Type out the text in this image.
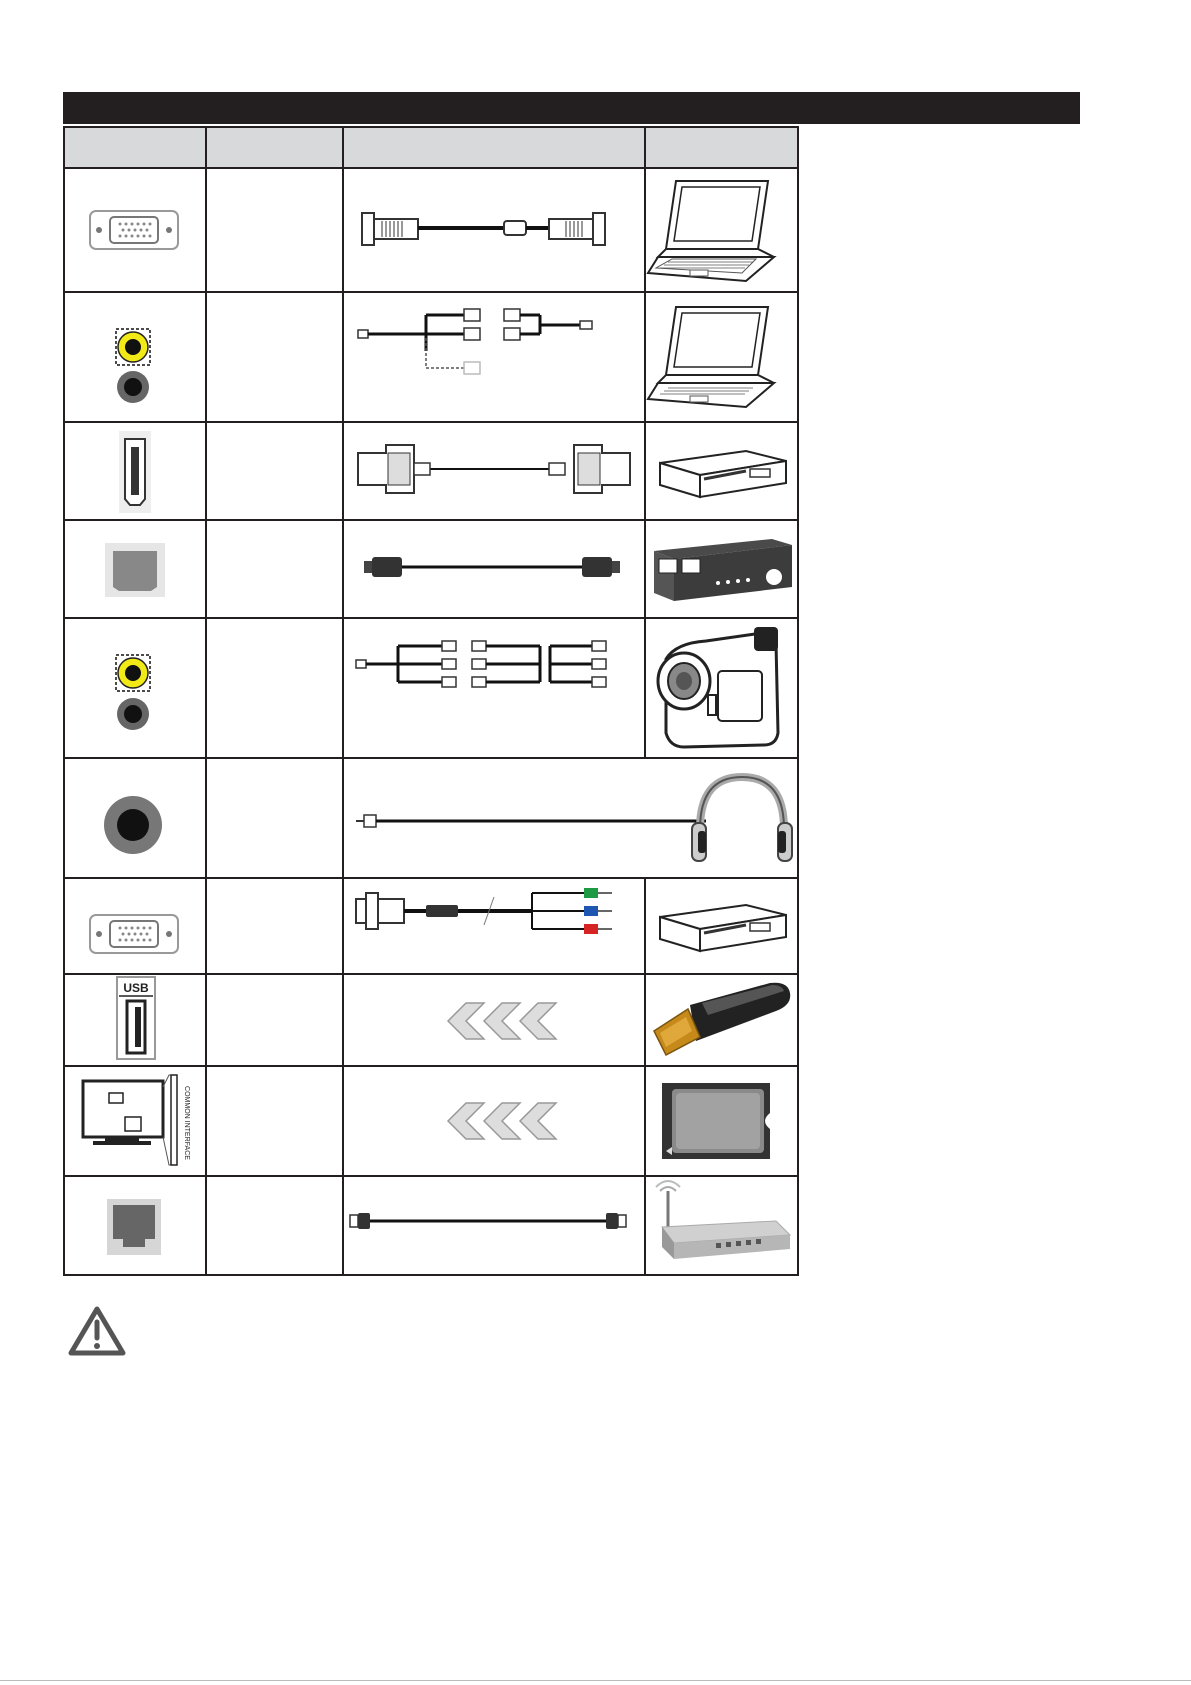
USB
COMMON INTERFACE
